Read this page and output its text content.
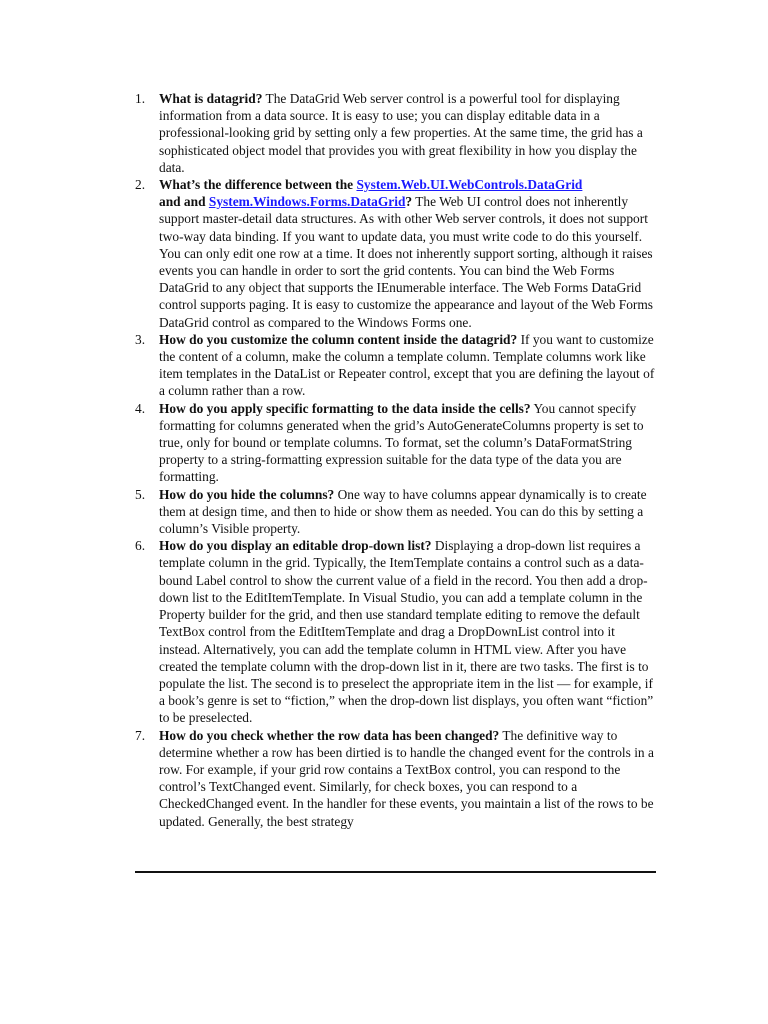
1.	What is datagrid? The DataGrid Web server control is a powerful tool for displaying information from a data source. It is easy to use; you can display editable data in a professional-looking grid by setting only a few properties. At the same time, the grid has a sophisticated object model that provides you with great flexibility in how you display the data.
2.	What’s the difference between the System.Web.UI.WebControls.DataGrid
and and System.Windows.Forms.DataGrid? The Web UI control does not inherently support master-detail data structures. As with other Web server controls, it does not support two-way data binding. If you want to update data, you must write code to do this yourself. You can only edit one row at a time. It does not inherently support sorting, although it raises events you can handle in order to sort the grid contents. You can bind the Web Forms DataGrid to any object that supports the IEnumerable interface. The Web Forms DataGrid control supports paging. It is easy to customize the appearance and layout of the Web Forms DataGrid control as compared to the Windows Forms one.
3.	How do you customize the column content inside the datagrid? If you want to customize the content of a column, make the column a template column. Template columns work like item templates in the DataList or Repeater control, except that you are defining the layout of a column rather than a row.
4.	How do you apply specific formatting to the data inside the cells? You cannot specify formatting for columns generated when the grid’s AutoGenerateColumns property is set to true, only for bound or template columns. To format, set the column’s DataFormatString property to a string-formatting expression suitable for the data type of the data you are formatting.
5.	How do you hide the columns? One way to have columns appear dynamically is to create them at design time, and then to hide or show them as needed. You can do this by setting a column’s Visible property.
6.	How do you display an editable drop-down list? Displaying a drop-down list requires a template column in the grid. Typically, the ItemTemplate contains a control such as a data-bound Label control to show the current value of a field in the record. You then add a drop-down list to the EditItemTemplate. In Visual Studio, you can add a template column in the Property builder for the grid, and then use standard template editing to remove the default TextBox control from the EditItemTemplate and drag a DropDownList control into it instead. Alternatively, you can add the template column in HTML view. After you have created the template column with the drop-down list in it, there are two tasks. The first is to populate the list. The second is to preselect the appropriate item in the list — for example, if a book’s genre is set to “fiction,” when the drop-down list displays, you often want “fiction” to be preselected.
7.	How do you check whether the row data has been changed? The definitive way to determine whether a row has been dirtied is to handle the changed event for the controls in a row. For example, if your grid row contains a TextBox control, you can respond to the control’s TextChanged event. Similarly, for check boxes, you can respond to a CheckedChanged event. In the handler for these events, you maintain a list of the rows to be updated. Generally, the best strategy
